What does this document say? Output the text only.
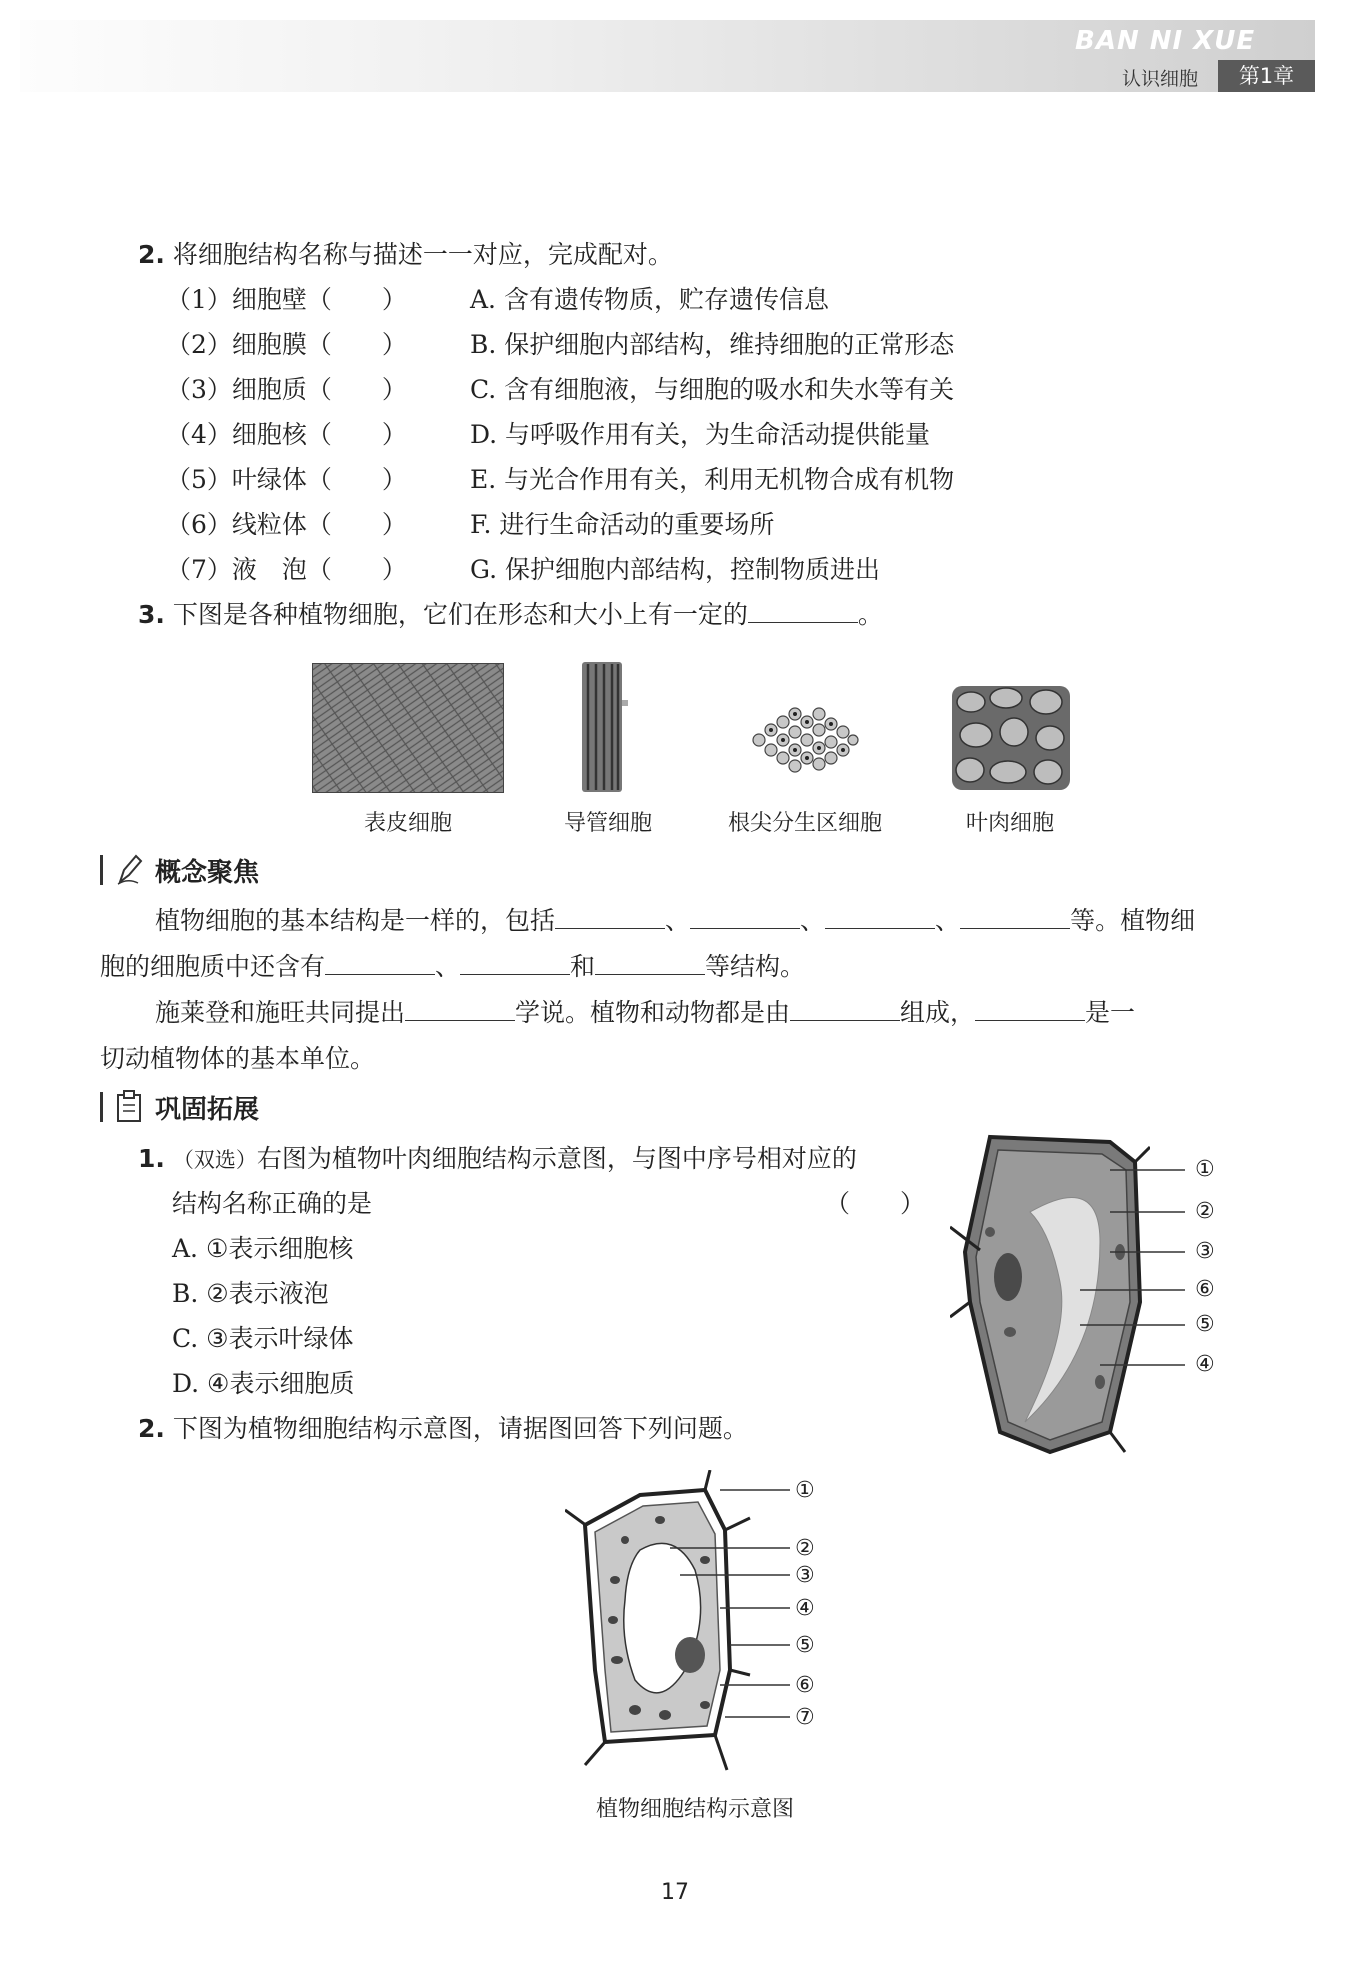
BAN NI XUE
认识细胞	第1章
2. 将细胞结构名称与描述一一对应，完成配对。
（1）细胞壁（　　）	A. 含有遗传物质，贮存遗传信息
（2）细胞膜（　　）	B. 保护细胞内部结构，维持细胞的正常形态
（3）细胞质（　　）	C. 含有细胞液，与细胞的吸水和失水等有关
（4）细胞核（　　）	D. 与呼吸作用有关，为生命活动提供能量
（5）叶绿体（　　）	E. 与光合作用有关，利用无机物合成有机物
（6）线粒体（　　）	F. 进行生命活动的重要场所
（7）液　泡（　　）	G. 保护细胞内部结构，控制物质进出
3. 下图是各种植物细胞，它们在形态和大小上有一定的	。
表皮细胞	导管细胞	根尖分生区细胞	叶肉细胞
概念聚焦
植物细胞的基本结构是一样的，包括	、	、	、	等。植物细
胞的细胞质中还含有	、	和	等结构。
施莱登和施旺共同提出	学说。植物和动物都是由	组成，	是一
切动植物体的基本单位。
巩固拓展
1. （双选）右图为植物叶肉细胞结构示意图，与图中序号相对应的
结构名称正确的是	（　　）
A. ①表示细胞核
B. ②表示液泡
C. ③表示叶绿体
D. ④表示细胞质
①
②
③
⑥
⑤
④
2. 下图为植物细胞结构示意图，请据图回答下列问题。
①
②
③
④
⑤
⑥
⑦
植物细胞结构示意图
17
